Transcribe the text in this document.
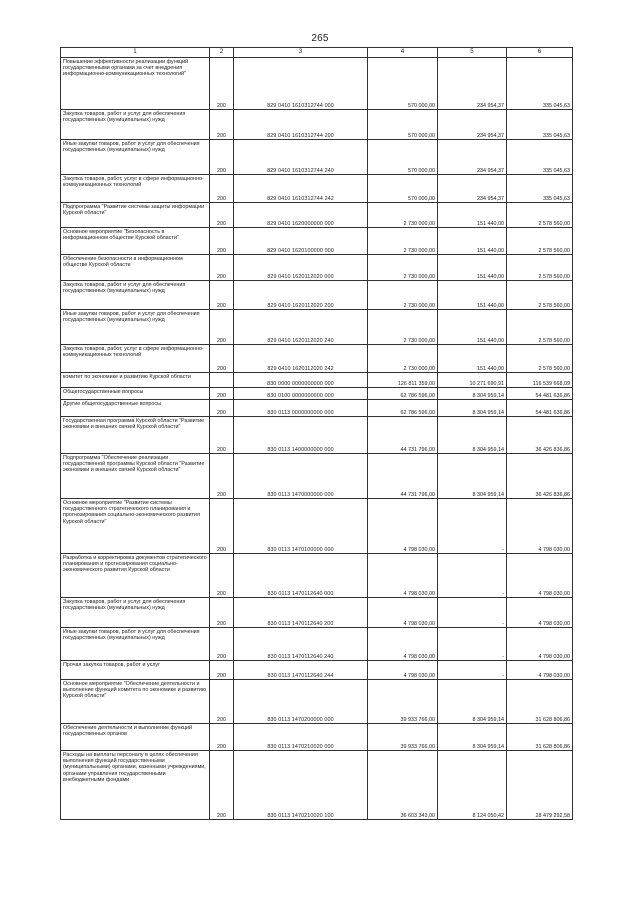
265
1	2	3	4	5	6
Повышение эффективности реализации функций государственными органами за счет внедрения информационно-коммуникационных технологий"	200	829 0410 1610312744 000	570 000,00	234 954,37	335 045,63
Закупка товаров, работ и услуг для обеспечения государственных (муниципальных) нужд	200	829 0410 1610312744 200	570 000,00	234 954,37	335 045,63
Иные закупки товаров, работ и услуг для обеспечения государственных (муниципальных) нужд	200	829 0410 1610312744 240	570 000,00	234 954,37	335 045,63
Закупка товаров, работ, услуг в сфере информационно-коммуникационных технологий	200	829 0410 1610312744 242	570 000,00	234 954,37	335 045,63
Подпрограмма "Развитие системы защиты информации Курской области"	200	829 0410 1620000000 000	2 730 000,00	151 440,00	2 578 560,00
Основное мероприятие "Безопасность в информационном обществе Курской области"	200	829 0410 1620100000 000	2 730 000,00	151 440,00	2 578 560,00
Обеспечение безопасности в информационном обществе Курской области	200	829 0410 1620112020 000	2 730 000,00	151 440,00	2 578 560,00
Закупка товаров, работ и услуг для обеспечения государственных (муниципальных) нужд	200	829 0410 1620112020 200	2 730 000,00	151 440,00	2 578 560,00
Иные закупки товаров, работ и услуг для обеспечения государственных (муниципальных) нужд	200	829 0410 1620112020 240	2 730 000,00	151 440,00	2 578 560,00
Закупка товаров, работ, услуг в сфере информационно-коммуникационных технологий	200	829 0410 1620112020 242	2 730 000,00	151 440,00	2 578 560,00
комитет по экономике и развитию Курской области		830 0000 0000000000 000	126 811 359,00	10 271 690,91	116 539 668,09
Общегосударственные вопросы	200	830 0100 0000000000 000	62 786 596,00	8 304 959,14	54 481 636,86
Другие общегосударственные вопросы	200	830 0113 0000000000 000	62 786 596,00	8 304 959,14	54 481 636,86
Государственная программа Курской области "Развитие экономики и внешних связей Курской области"	200	830 0113 1400000000 000	44 731 796,00	8 304 959,14	36 426 836,86
Подпрограмма "Обеспечение реализации государственной программы Курской области "Развитие экономики и внешних связей Курской области"	200	830 0113 1470000000 000	44 731 796,00	8 304 959,14	36 426 836,86
Основное мероприятие "Развитие системы государственного стратегического планирования и прогнозирования социально-экономического развития Курской области"	200	830 0113 1470100000 000	4 798 030,00	-	4 798 030,00
Разработка и корректировка документов стратегического планирования и прогнозирования социально-экономического развития Курской области	200	830 0113 1470112640 000	4 798 030,00	-	4 798 030,00
Закупка товаров, работ и услуг для обеспечения государственных (муниципальных) нужд	200	830 0113 1470112640 200	4 798 030,00	-	4 798 030,00
Иные закупки товаров, работ и услуг для обеспечения государственных (муниципальных) нужд	200	830 0113 1470112640 240	4 798 030,00	-	4 798 030,00
Прочая закупка товаров, работ и услуг	200	830 0113 1470112640 244	4 798 030,00	-	4 798 030,00
Основное мероприятие "Обеспечение деятельности и выполнение функций комитета по экономике и развитию Курской области"	200	830 0113 1470200000 000	39 933 766,00	8 304 959,14	31 628 806,86
Обеспечение деятельности и выполнение функций государственных органов	200	830 0113 1470210020 000	39 933 766,00	8 304 959,14	31 628 806,86
Расходы на выплаты персоналу в целях обеспечения выполнения функций государственными (муниципальными) органами, казенными учреждениями, органами управления государственными внебюджетными фондами	200	830 0113 1470210020 100	36 603 343,00	8 124 050,42	28 479 292,58
